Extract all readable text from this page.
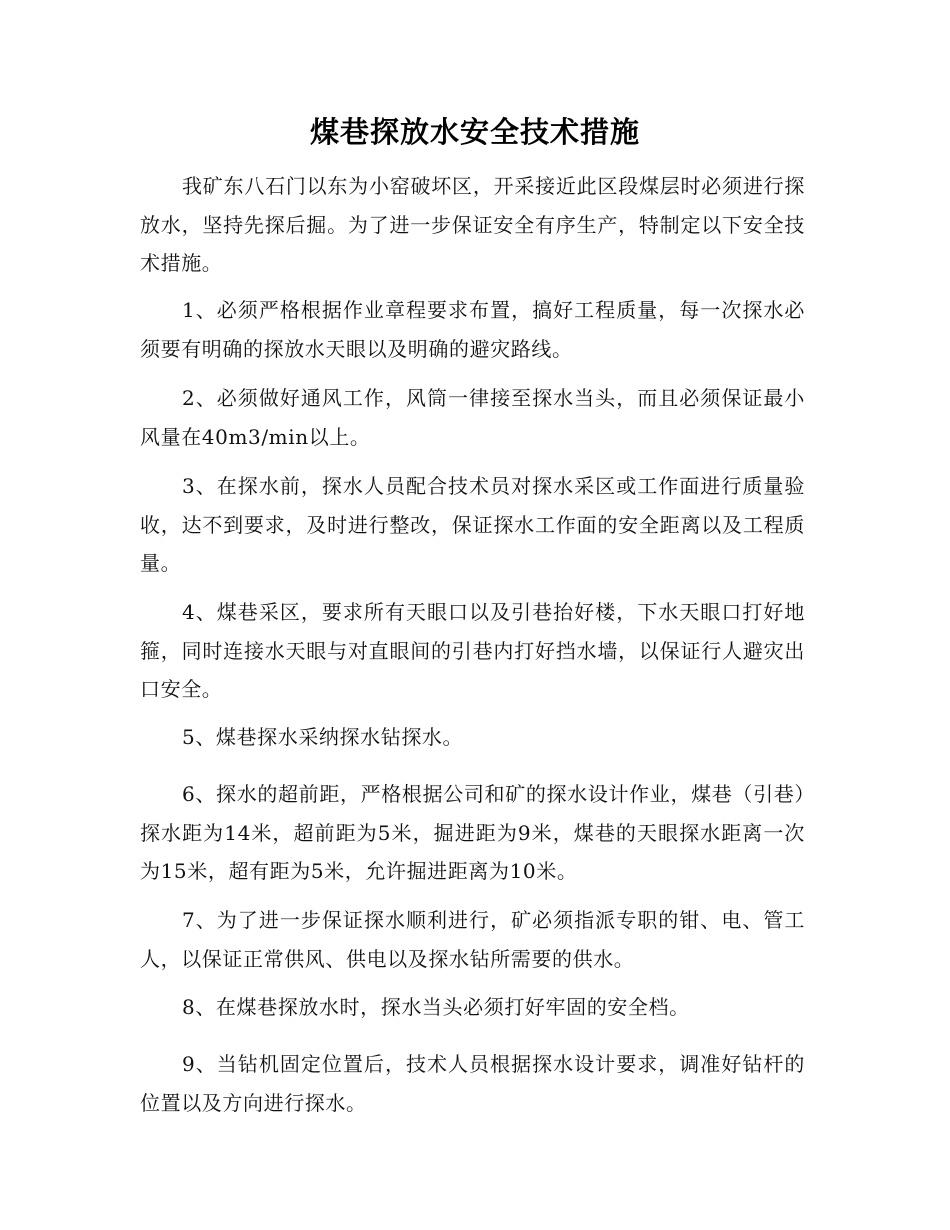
煤巷探放水安全技术措施

我矿东八石门以东为小窑破坏区，开采接近此区段煤层时必须进行探放水，坚持先探后掘。为了进一步保证安全有序生产，特制定以下安全技术措施。

1、必须严格根据作业章程要求布置，搞好工程质量，每一次探水必须要有明确的探放水天眼以及明确的避灾路线。

2、必须做好通风工作，风筒一律接至探水当头，而且必须保证最小风量在40m3/min以上。

3、在探水前，探水人员配合技术员对探水采区或工作面进行质量验收，达不到要求，及时进行整改，保证探水工作面的安全距离以及工程质量。

4、煤巷采区，要求所有天眼口以及引巷抬好楼，下水天眼口打好地箍，同时连接水天眼与对直眼间的引巷内打好挡水墙，以保证行人避灾出口安全。

5、煤巷探水采纳探水钻探水。

6、探水的超前距，严格根据公司和矿的探水设计作业，煤巷（引巷）探水距为14米，超前距为5米，掘进距为9米，煤巷的天眼探水距离一次为15米，超有距为5米，允许掘进距离为10米。

7、为了进一步保证探水顺利进行，矿必须指派专职的钳、电、管工人，以保证正常供风、供电以及探水钻所需要的供水。

8、在煤巷探放水时，探水当头必须打好牢固的安全档。

9、当钻机固定位置后，技术人员根据探水设计要求，调准好钻杆的位置以及方向进行探水。
